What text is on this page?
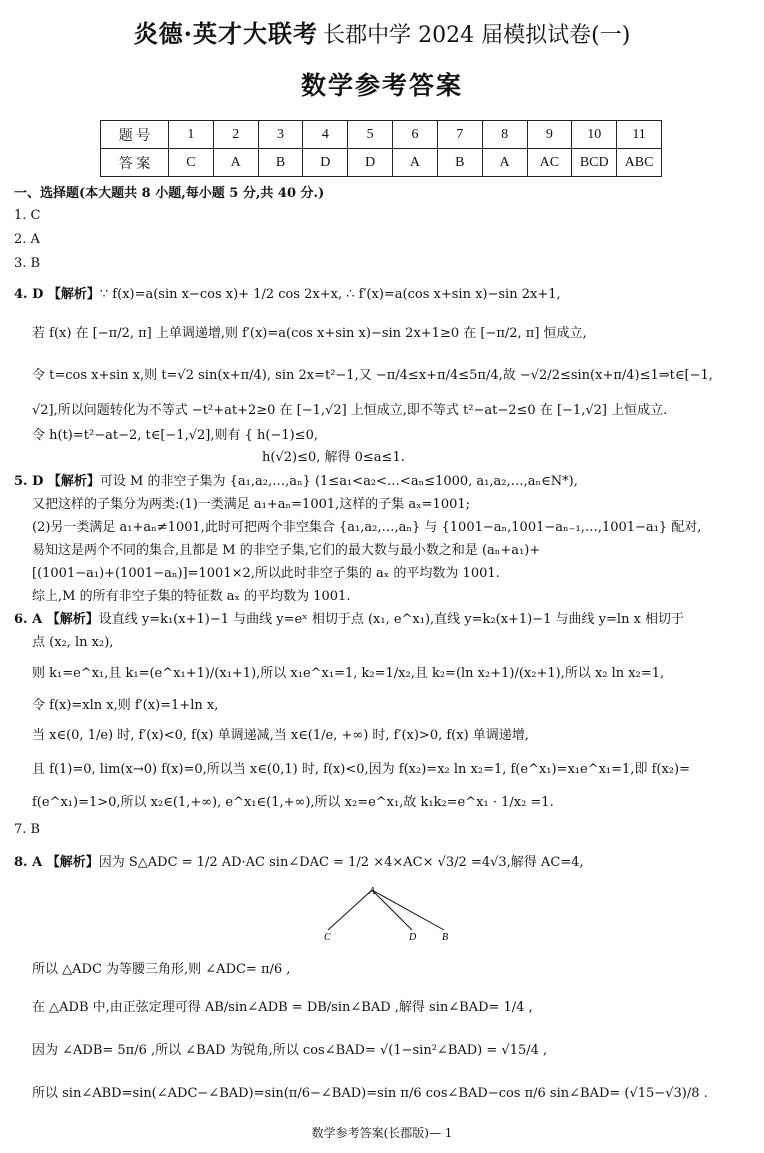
炎德·英才大联考 长郡中学 2024 届模拟试卷(一)
数学参考答案
题 号	1	2	3	4	5	6	7	8	9	10	11
答 案	C	A	B	D	D	A	B	A	AC	BCD	ABC
一、选择题(本大题共 8 小题,每小题 5 分,共 40 分.)
1. C
2. A
3. B
4. D 【解析】∵ f(x)=a(sin x−cos x)+ 1/2 cos 2x+x, ∴ f′(x)=a(cos x+sin x)−sin 2x+1,
若 f(x) 在 [−π/2, π] 上单调递增,则 f′(x)=a(cos x+sin x)−sin 2x+1≥0 在 [−π/2, π] 恒成立,
令 t=cos x+sin x,则 t=√2 sin(x+π/4), sin 2x=t²−1,又 −π/4≤x+π/4≤5π/4,故 −√2/2≤sin(x+π/4)≤1⇒t∈[−1,
√2],所以问题转化为不等式 −t²+at+2≥0 在 [−1,√2] 上恒成立,即不等式 t²−at−2≤0 在 [−1,√2] 上恒成立.
令 h(t)=t²−at−2, t∈[−1,√2],则有 { h(−1)≤0,
h(√2)≤0, 解得 0≤a≤1.
5. D 【解析】可设 M 的非空子集为 {a₁,a₂,…,aₙ} (1≤a₁<a₂<…<aₙ≤1000, a₁,a₂,…,aₙ∈N*),
又把这样的子集分为两类:(1)一类满足 a₁+aₙ=1001,这样的子集 aₓ=1001;
(2)另一类满足 a₁+aₙ≠1001,此时可把两个非空集合 {a₁,a₂,…,aₙ} 与 {1001−aₙ,1001−aₙ₋₁,…,1001−a₁} 配对,
易知这是两个不同的集合,且都是 M 的非空子集,它们的最大数与最小数之和是 (aₙ+a₁)+
[(1001−a₁)+(1001−aₙ)]=1001×2,所以此时非空子集的 aₓ 的平均数为 1001.
综上,M 的所有非空子集的特征数 aₓ 的平均数为 1001.
6. A 【解析】设直线 y=k₁(x+1)−1 与曲线 y=eˣ 相切于点 (x₁, e^x₁),直线 y=k₂(x+1)−1 与曲线 y=ln x 相切于
点 (x₂, ln x₂),
则 k₁=e^x₁,且 k₁=(e^x₁+1)/(x₁+1),所以 x₁e^x₁=1, k₂=1/x₂,且 k₂=(ln x₂+1)/(x₂+1),所以 x₂ ln x₂=1,
令 f(x)=xln x,则 f′(x)=1+ln x,
当 x∈(0, 1/e) 时, f′(x)<0, f(x) 单调递减,当 x∈(1/e, +∞) 时, f′(x)>0, f(x) 单调递增,
且 f(1)=0, lim(x→0) f(x)=0,所以当 x∈(0,1) 时, f(x)<0,因为 f(x₂)=x₂ ln x₂=1, f(e^x₁)=x₁e^x₁=1,即 f(x₂)=
f(e^x₁)=1>0,所以 x₂∈(1,+∞), e^x₁∈(1,+∞),所以 x₂=e^x₁,故 k₁k₂=e^x₁ · 1/x₂ =1.
7. B
8. A 【解析】因为 S△ADC = 1/2 AD·AC sin∠DAC = 1/2 ×4×AC× √3/2 =4√3,解得 AC=4,
A
C	D	B
所以 △ADC 为等腰三角形,则 ∠ADC= π/6 ,
在 △ADB 中,由正弦定理可得 AB/sin∠ADB = DB/sin∠BAD ,解得 sin∠BAD= 1/4 ,
因为 ∠ADB= 5π/6 ,所以 ∠BAD 为锐角,所以 cos∠BAD= √(1−sin²∠BAD) = √15/4 ,
所以 sin∠ABD=sin(∠ADC−∠BAD)=sin(π/6−∠BAD)=sin π/6 cos∠BAD−cos π/6 sin∠BAD= (√15−√3)/8 .
数学参考答案(长郡版)— 1
